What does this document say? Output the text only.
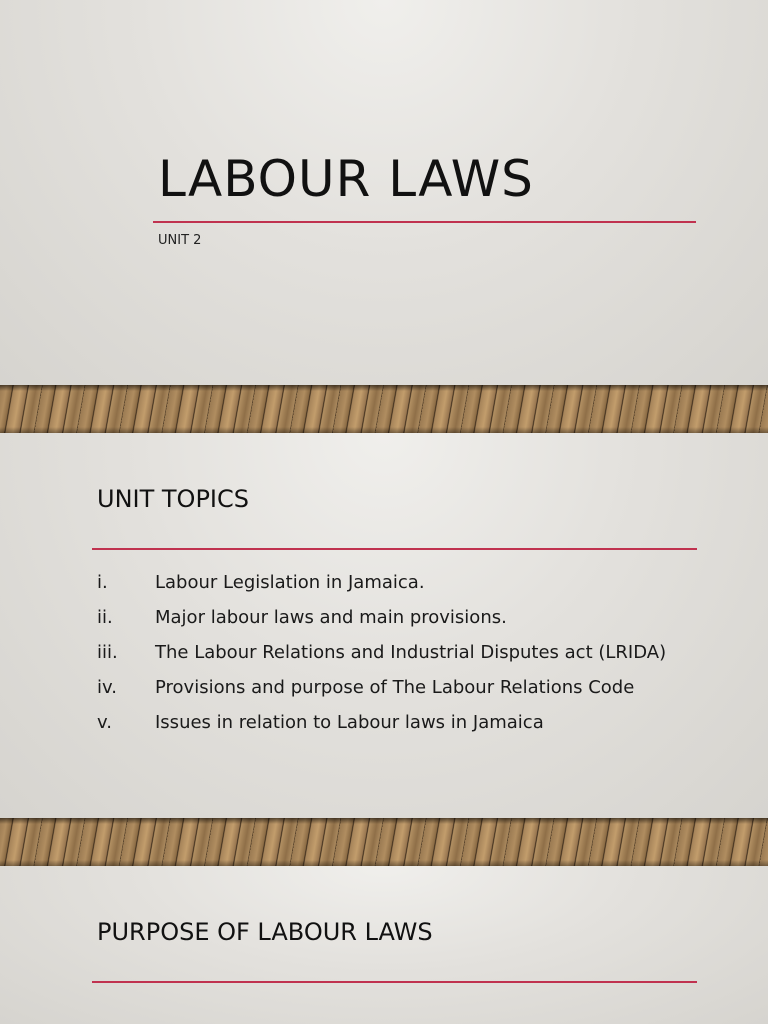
LABOUR LAWS

UNIT 2

UNIT TOPICS
i.	Labour Legislation in Jamaica.
ii. Major labour laws and main provisions.
iii. The Labour Relations and Industrial Disputes act (LRIDA)
iv. Provisions and purpose of The Labour Relations Code
v. Issues in relation to Labour laws in Jamaica
PURPOSE OF LABOUR LAWS
